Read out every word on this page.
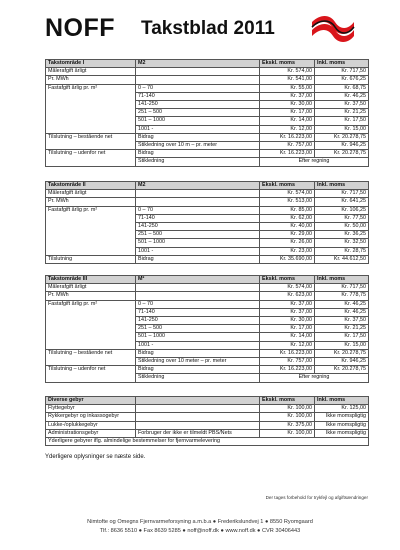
NOFF Takstblad 2011
Takstområde I	M2	Ekskl. moms	Inkl. moms
Målerafgift årligt		Kr. 574,00	Kr. 717,50
Pr. MWh		Kr. 541,00	Kr. 676,25
Fastafgift årlig pr. m²	0 – 70	Kr. 55,00	Kr. 68,75
	71-140	Kr. 37,00	Kr. 46,25
	141-250	Kr. 30,00	Kr. 37,50
	251 – 500	Kr. 17,00	Kr. 21,25
	501 – 1000	Kr. 14,00	Kr. 17,50
	1001 -	Kr. 12,00	Kr. 15,00
Tilslutning – bestående net	Bidrag	Kr. 16.223,00	Kr. 20.278,75
	Stikledning over 10 m – pr. meter	Kr. 757,00	Kr. 946,25
Tilslutning – udenfor net	Bidrag	Kr. 16.223,00	Kr. 20.278,75
	Stikledning	Efter regning	
Takstområde II	M2	Ekskl. moms	Inkl. moms
Målerafgift årligt		Kr. 574,00	Kr. 717,50
Pr. MWh		Kr. 513,00	Kr. 641,25
Fastafgift årlig pr. m²	0 – 70	Kr. 85,00	Kr. 106,25
	71-140	Kr. 62,00	Kr. 77,50
	141-250	Kr. 40,00	Kr. 50,00
	251 – 500	Kr. 29,00	Kr. 36,25
	501 – 1000	Kr. 26,00	Kr. 32,50
	1001 -	Kr. 23,00	Kr. 28,75
Tilslutning	Bidrag	Kr. 35.690,00	Kr. 44.612,50
Takstområde III	M²	Ekskl. moms	Inkl. moms
Målerafgift årligt		Kr. 574,00	Kr. 717,50
Pr. MWh		Kr. 623,00	Kr. 778,75
Fastafgift årlig pr. m²	0 – 70	Kr. 37,00	Kr. 46,25
	71-140	Kr. 37,00	Kr. 46,25
	141-250	Kr. 30,00	Kr. 37,50
	251 – 500	Kr. 17,00	Kr. 21,25
	501 – 1000	Kr. 14,00	Kr. 17,50
	1001 -	Kr. 12,00	Kr. 15,00
Tilslutning – bestående net	Bidrag	Kr. 16.223,00	Kr. 20.278,75
	Stikledning over 10 meter – pr. meter	Kr. 757,00	Kr. 946,25
Tilslutning – udenfor net	Bidrag	Kr. 16.223,00	Kr. 20.278,75
	Stikledning	Efter regning	
Diverse gebyr		Ekskl. moms	Inkl. moms
Flyttegebyr		Kr. 100,00	Kr. 125,00
Rykkergebyr og inkassogebyr		Kr. 100,00	Ikke momspligtig
Lukke-/oplukkegebyr		Kr. 375,00	Ikke momspligtig
Administrationsgebyr	Forbruger der ikke er tilmeldt PBS/Nets	Kr. 100,00	Ikke momspligtig
Yderligere gebyrer iflg. almindelige bestemmelser for fjernvarmelevering			
Yderligere oplysninger se næste side.
Der tages forbehold for trykfejl og afgiftsændringer
Nimtofte og Omegns Fjernvarmeforsyning a.m.b.a ● Frederikslundvej 1 ● 8550 Ryomgaard
Tlf.: 8636 5510 ● Fax 8639 5285 ● noff@noff.dk ● www.noff.dk ● CVR 30406443
